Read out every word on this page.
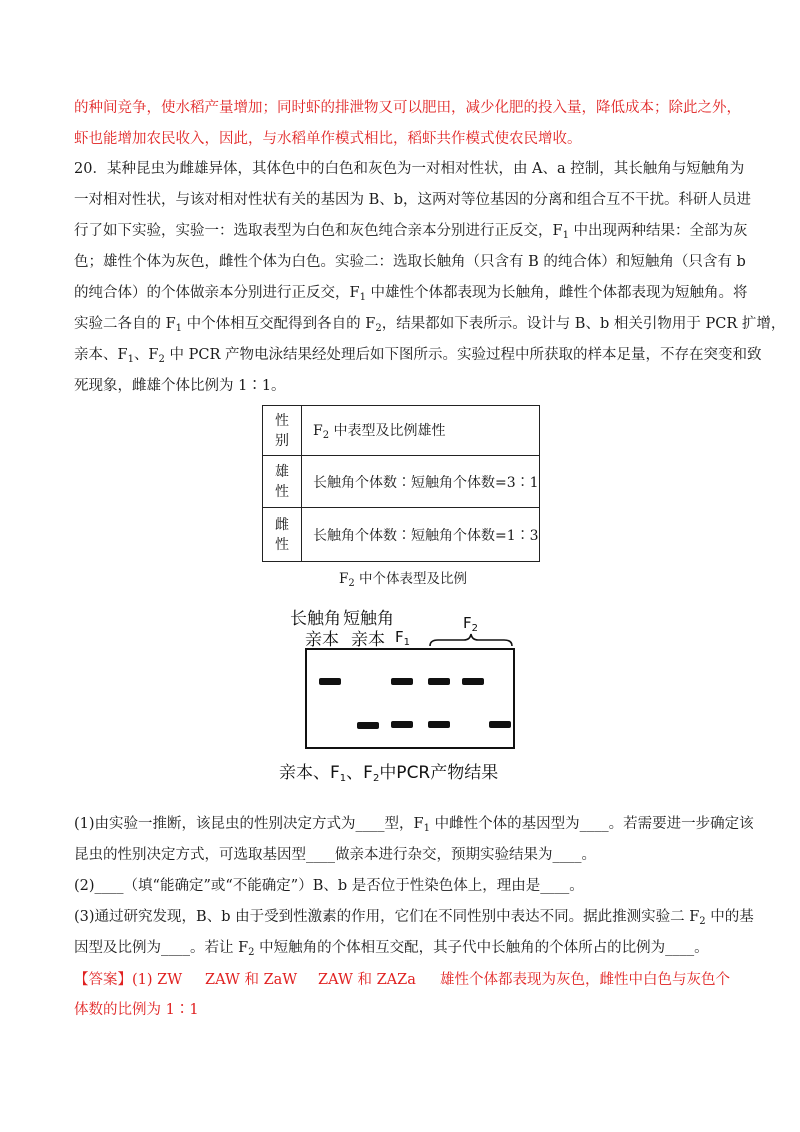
的种间竞争，使水稻产量增加；同时虾的排泄物又可以肥田，减少化肥的投入量，降低成本；除此之外，
虾也能增加农民收入，因此，与水稻单作模式相比，稻虾共作模式使农民增收。
20．某种昆虫为雌雄异体，其体色中的白色和灰色为一对相对性状，由 A、a 控制，其长触角与短触角为
一对相对性状，与该对相对性状有关的基因为 B、b，这两对等位基因的分离和组合互不干扰。科研人员进
行了如下实验，实验一：选取表型为白色和灰色纯合亲本分别进行正反交，$F_1$ 中出现两种结果：全部为灰
色；雄性个体为灰色，雌性个体为白色。实验二：选取长触角（只含有 B 的纯合体）和短触角（只含有 b
的纯合体）的个体做亲本分别进行正反交，$F_1$ 中雄性个体都表现为长触角，雌性个体都表现为短触角。将
实验二各自的 $F_1$ 中个体相互交配得到各自的 $F_2$，结果都如下表所示。设计与 B、b 相关引物用于 PCR 扩增，
亲本、$F_1$、$F_2$ 中 PCR 产物电泳结果经处理后如下图所示。实验过程中所获取的样本足量，不存在突变和致
死现象，雌雄个体比例为 1∶1。
性别	$F_2$ 中表型及比例雄性
雄性	长触角个体数∶短触角个体数=3∶1
雌性	长触角个体数∶短触角个体数=1∶3
$F_2$ 中个体表型及比例
长触角 短触角
亲本 亲本 $F_1$
$F_2$
亲本、$F_1$、$F_2$中PCR产物结果
(1)由实验一推断，该昆虫的性别决定方式为____型，$F_1$ 中雌性个体的基因型为____。若需要进一步确定该
昆虫的性别决定方式，可选取基因型____做亲本进行杂交，预期实验结果为____。
(2)____（填“能确定”或“不能确定”）B、b 是否位于性染色体上，理由是____。
(3)通过研究发现，B、b 由于受到性激素的作用，它们在不同性别中表达不同。据此推测实验二 $F_2$ 中的基
因型及比例为____。若让 $F_2$ 中短触角的个体相互交配，其子代中长触角的个体所占的比例为____。
【答案】(1) ZW ZAW 和 ZaW ZAW 和 ZAZa 雄性个体都表现为灰色，雌性中白色与灰色个
体数的比例为 1∶1
